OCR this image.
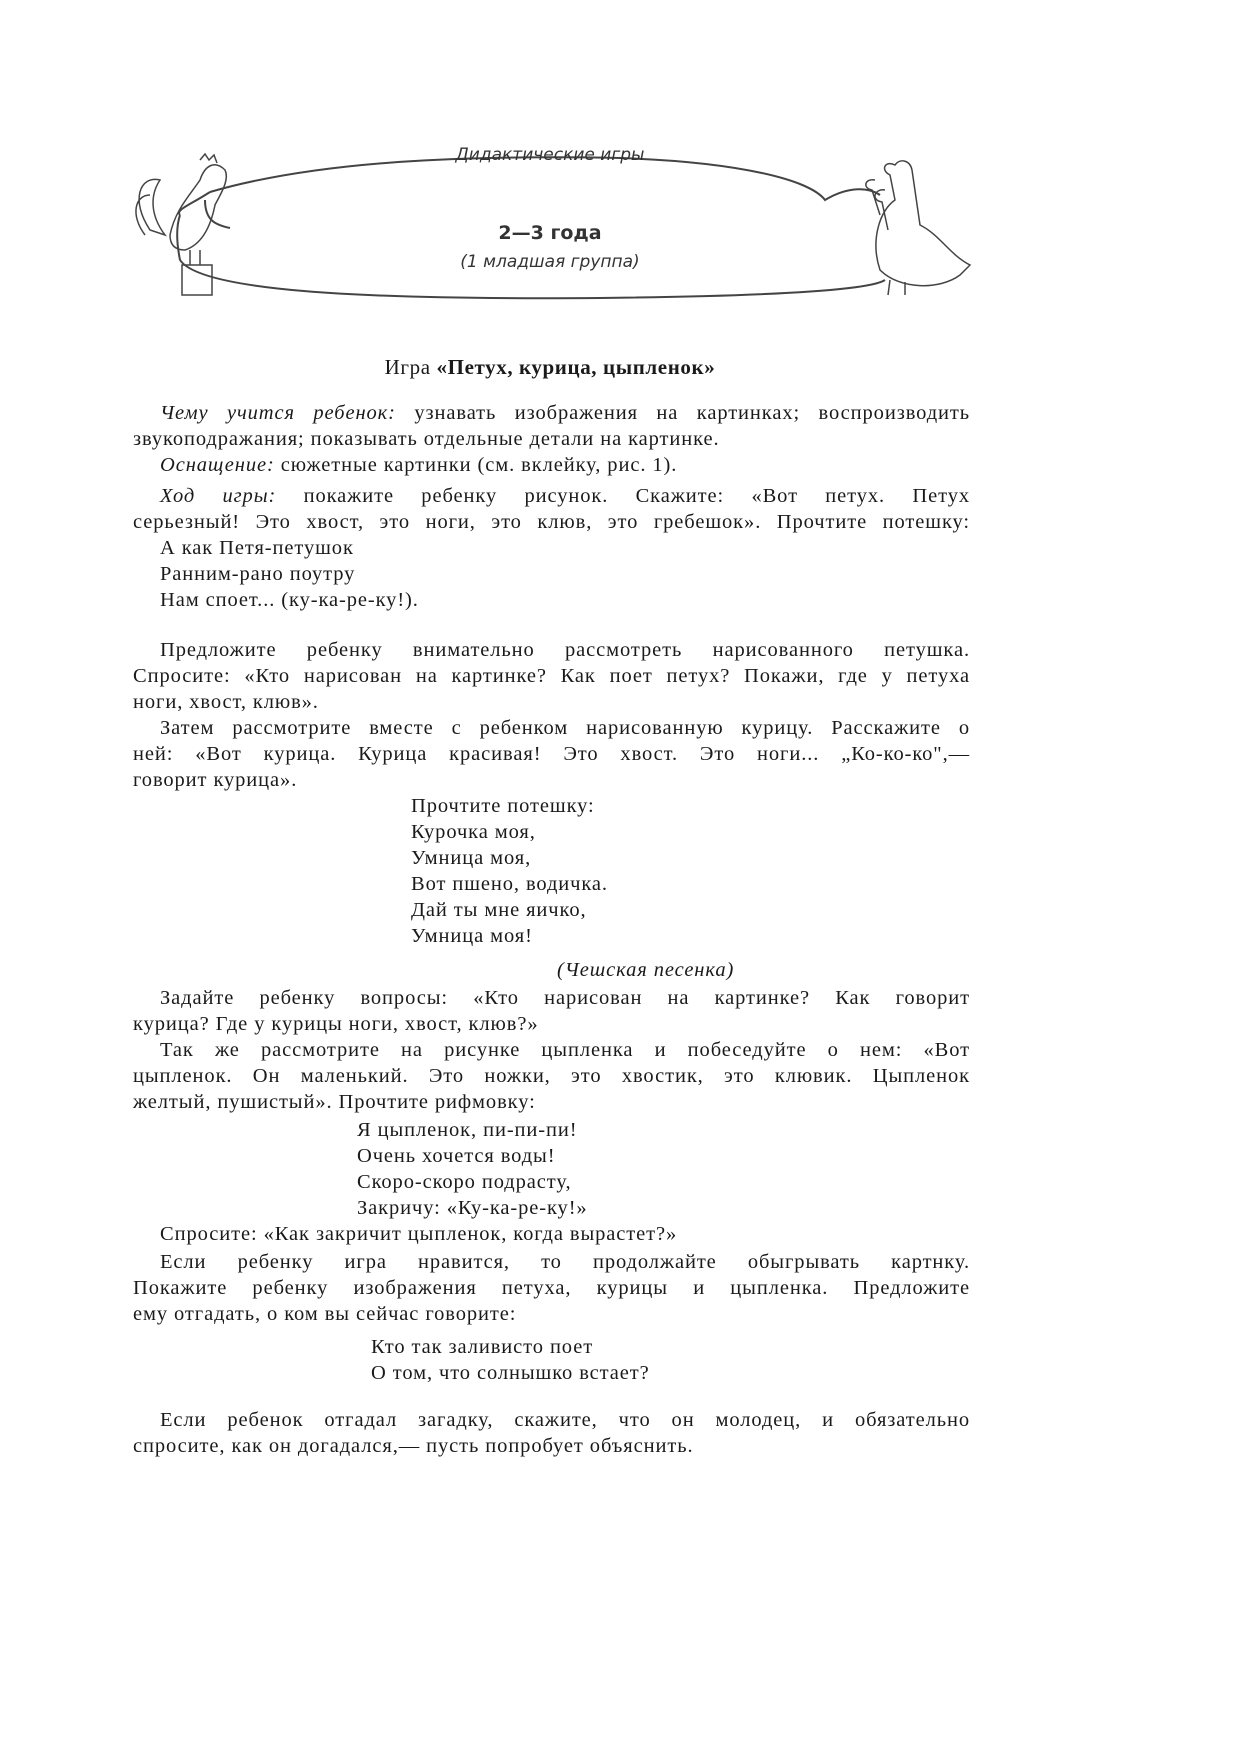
Дидактические игры
2—3 года
(1 младшая группа)
Игра «Петух, курица, цыпленок»
Чему учится ребенок: узнавать изображения на картинках; воспроизводить
звукоподражания; показывать отдельные детали на картинке.
Оснащение: сюжетные картинки (см. вклейку, рис. 1).
Ход игры: покажите ребенку рисунок. Скажите: «Вот петух. Петух
серьезный! Это хвост, это ноги, это клюв, это гребешок». Прочтите потешку:
А как Петя-петушок
Ранним-рано поутру
Нам споет... (ку-ка-ре-ку!).
Предложите ребенку внимательно рассмотреть нарисованного петушка.
Спросите: «Кто нарисован на картинке? Как поет петух? Покажи, где у петуха
ноги, хвост, клюв».
Затем рассмотрите вместе с ребенком нарисованную курицу. Расскажите о
ней: «Вот курица. Курица красивая! Это хвост. Это ноги... „Ко-ко-ко",—
говорит курица».
Прочтите потешку:
Курочка моя,
Умница моя,
Вот пшено, водичка.
Дай ты мне яичко,
Умница моя!
(Чешская песенка)
Задайте ребенку вопросы: «Кто нарисован на картинке? Как говорит
курица? Где у курицы ноги, хвост, клюв?»
Так же рассмотрите на рисунке цыпленка и побеседуйте о нем: «Вот
цыпленок. Он маленький. Это ножки, это хвостик, это клювик. Цыпленок
желтый, пушистый». Прочтите рифмовку:
Я цыпленок, пи-пи-пи!
Очень хочется воды!
Скоро-скоро подрасту,
Закричу: «Ку-ка-ре-ку!»
Спросите: «Как закричит цыпленок, когда вырастет?»
Если ребенку игра нравится, то продолжайте обыгрывать картнку.
Покажите ребенку изображения петуха, курицы и цыпленка. Предложите
ему отгадать, о ком вы сейчас говорите:
Кто так заливисто поет
О том, что солнышко встает?
Если ребенок отгадал загадку, скажите, что он молодец, и обязательно
спросите, как он догадался,— пусть попробует объяснить.
